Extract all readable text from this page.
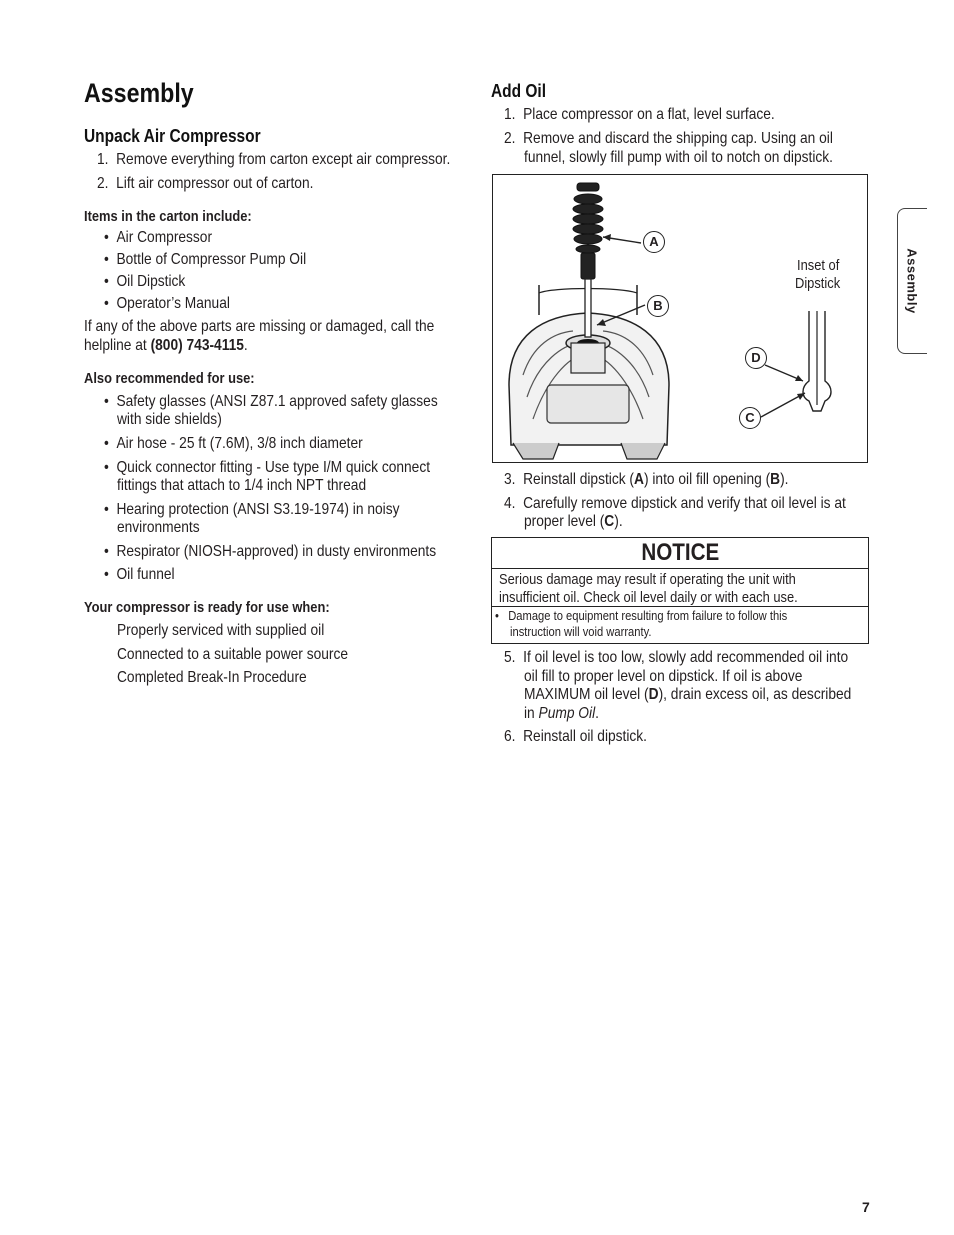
Assembly
Unpack Air Compressor
1. Remove everything from carton except air compressor.
2. Lift air compressor out of carton.
Items in the carton include:
•  Air Compressor
•  Bottle of Compressor Pump Oil
•  Oil Dipstick
•  Operator’s Manual
If any of the above parts are missing or damaged, call the
helpline at (800) 743-4115.
Also recommended for use:
•  Safety glasses (ANSI Z87.1 approved safety glasses
with side shields)
•  Air hose - 25 ft (7.6M), 3/8 inch diameter
•  Quick connector fitting - Use type I/M quick connect
fittings that attach to 1/4 inch NPT thread
•  Hearing protection (ANSI S3.19-1974) in noisy
environments
•  Respirator (NIOSH-approved) in dusty environments
•  Oil funnel
Your compressor is ready for use when:
Properly serviced with supplied oil
Connected to a suitable power source
Completed Break-In Procedure
Add Oil
1. Place compressor on a flat, level surface.
2. Remove and discard the shipping cap. Using an oil
funnel, slowly fill pump with oil to notch on dipstick.
A
B
D
C
Inset of
Dipstick
3. Reinstall dipstick (A) into oil fill opening (B).
4. Carefully remove dipstick and verify that oil level is at
proper level (C).
NOTICE
Serious damage may result if operating the unit with
insufficient oil. Check oil level daily or with each use.
•   Damage to equipment resulting from failure to follow this
instruction will void warranty.
5. If oil level is too low, slowly add recommended oil into
oil fill to proper level on dipstick. If oil is above
MAXIMUM oil level (D), drain excess oil, as described
in Pump Oil.
6. Reinstall oil dipstick.
Assembly
7
